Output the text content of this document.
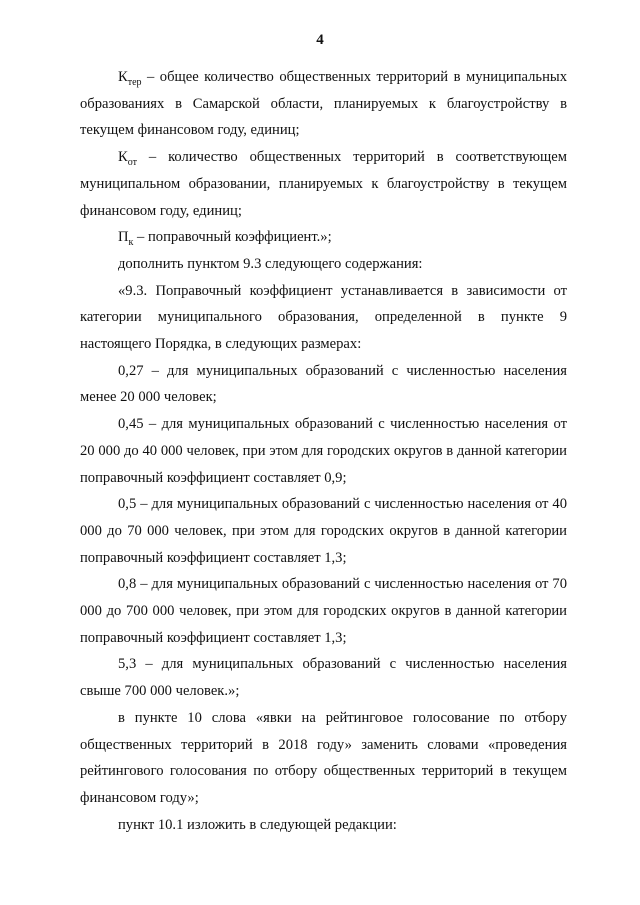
4

$К_{тер}$ – общее количество общественных территорий в муниципальных образованиях в Самарской области, планируемых к благоустройству в текущем финансовом году, единиц;

$К_{от}$ – количество общественных территорий в соответствующем муниципальном образовании, планируемых к благоустройству в текущем финансовом году, единиц;

$П_к$ – поправочный коэффициент.»;

дополнить пунктом 9.3 следующего содержания:

«9.3. Поправочный коэффициент устанавливается в зависимости от категории муниципального образования, определенной в пункте 9 настоящего Порядка, в следующих размерах:

0,27 – для муниципальных образований с численностью населения менее 20 000 человек;

0,45 – для муниципальных образований с численностью населения от 20 000 до 40 000 человек, при этом для городских округов в данной категории поправочный коэффициент составляет 0,9;

0,5 – для муниципальных образований с численностью населения от 40 000 до 70 000 человек, при этом для городских округов в данной категории поправочный коэффициент составляет 1,3;

0,8 – для муниципальных образований с численностью населения от 70 000 до 700 000 человек, при этом для городских округов в данной категории поправочный коэффициент составляет 1,3;

5,3 – для муниципальных образований с численностью населения свыше 700 000 человек.»;

в пункте 10 слова «явки на рейтинговое голосование по отбору общественных территорий в 2018 году» заменить словами «проведения рейтингового голосования по отбору общественных территорий в текущем финансовом году»;

пункт 10.1 изложить в следующей редакции:
